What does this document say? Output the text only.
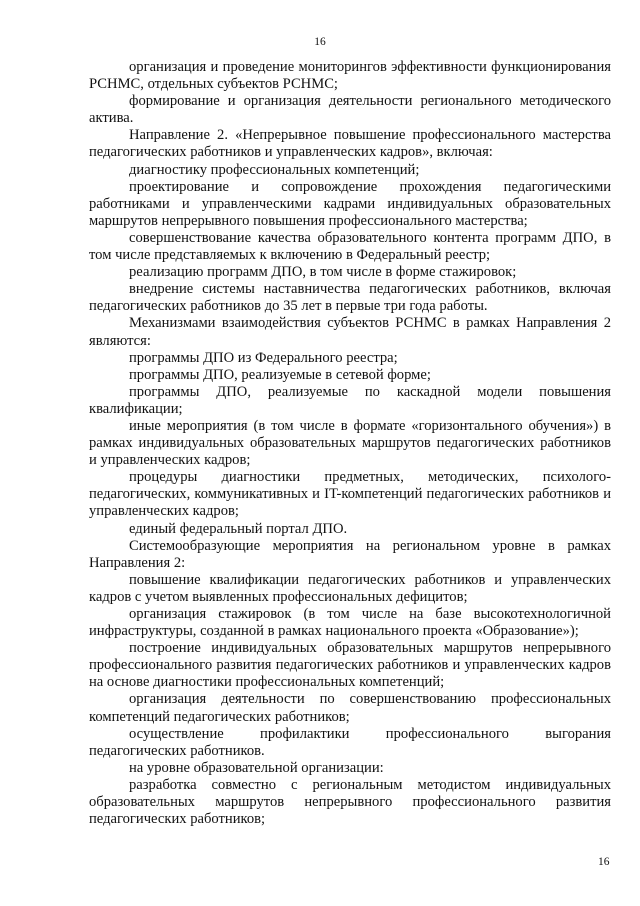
16

организация и проведение мониторингов эффективности функционирования РСНМС, отдельных субъектов РСНМС;

формирование и организация деятельности регионального методического актива.

Направление 2. «Непрерывное повышение профессионального мастерства педагогических работников и управленческих кадров», включая:

диагностику профессиональных компетенций;

проектирование и сопровождение прохождения педагогическими работниками и управленческими кадрами индивидуальных образовательных маршрутов непрерывного повышения профессионального мастерства;

совершенствование качества образовательного контента программ ДПО, в том числе представляемых к включению в Федеральный реестр;

реализацию программ ДПО, в том числе в форме стажировок;

внедрение системы наставничества педагогических работников, включая педагогических работников до 35 лет в первые три года работы.

Механизмами взаимодействия субъектов РСНМС в рамках Направления 2 являются:

программы ДПО из Федерального реестра;

программы ДПО, реализуемые в сетевой форме;

программы ДПО, реализуемые по каскадной модели повышения квалификации;

иные мероприятия (в том числе в формате «горизонтального обучения») в рамках индивидуальных образовательных маршрутов педагогических работников и управленческих кадров;

процедуры диагностики предметных, методических, психолого-педагогических, коммуникативных и IT-компетенций педагогических работников и управленческих кадров;

единый федеральный портал ДПО.

Системообразующие мероприятия на региональном уровне в рамках Направления 2:

повышение квалификации педагогических работников и управленческих кадров с учетом выявленных профессиональных дефицитов;

организация стажировок (в том числе на базе высокотехнологичной инфраструктуры, созданной в рамках национального проекта «Образование»);

построение индивидуальных образовательных маршрутов непрерывного профессионального развития педагогических работников и управленческих кадров на основе диагностики профессиональных компетенций;

организация деятельности по совершенствованию профессиональных компетенций педагогических работников;

осуществление профилактики профессионального выгорания педагогических работников.

на уровне образовательной организации:

разработка совместно с региональным методистом индивидуальных образовательных маршрутов непрерывного профессионального развития педагогических работников;

16
